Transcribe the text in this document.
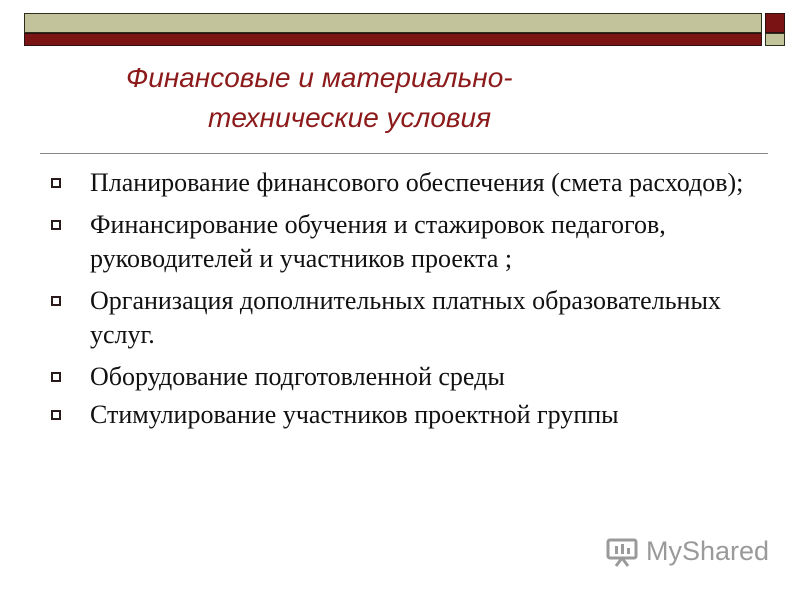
Финансовые и материально-
технические условия
Планирование финансового обеспечения (смета расходов);
Финансирование обучения и стажировок педагогов, руководителей и участников проекта ;
Организация дополнительных платных образовательных услуг.
Оборудование подготовленной среды
Стимулирование участников проектной группы
MyShared
